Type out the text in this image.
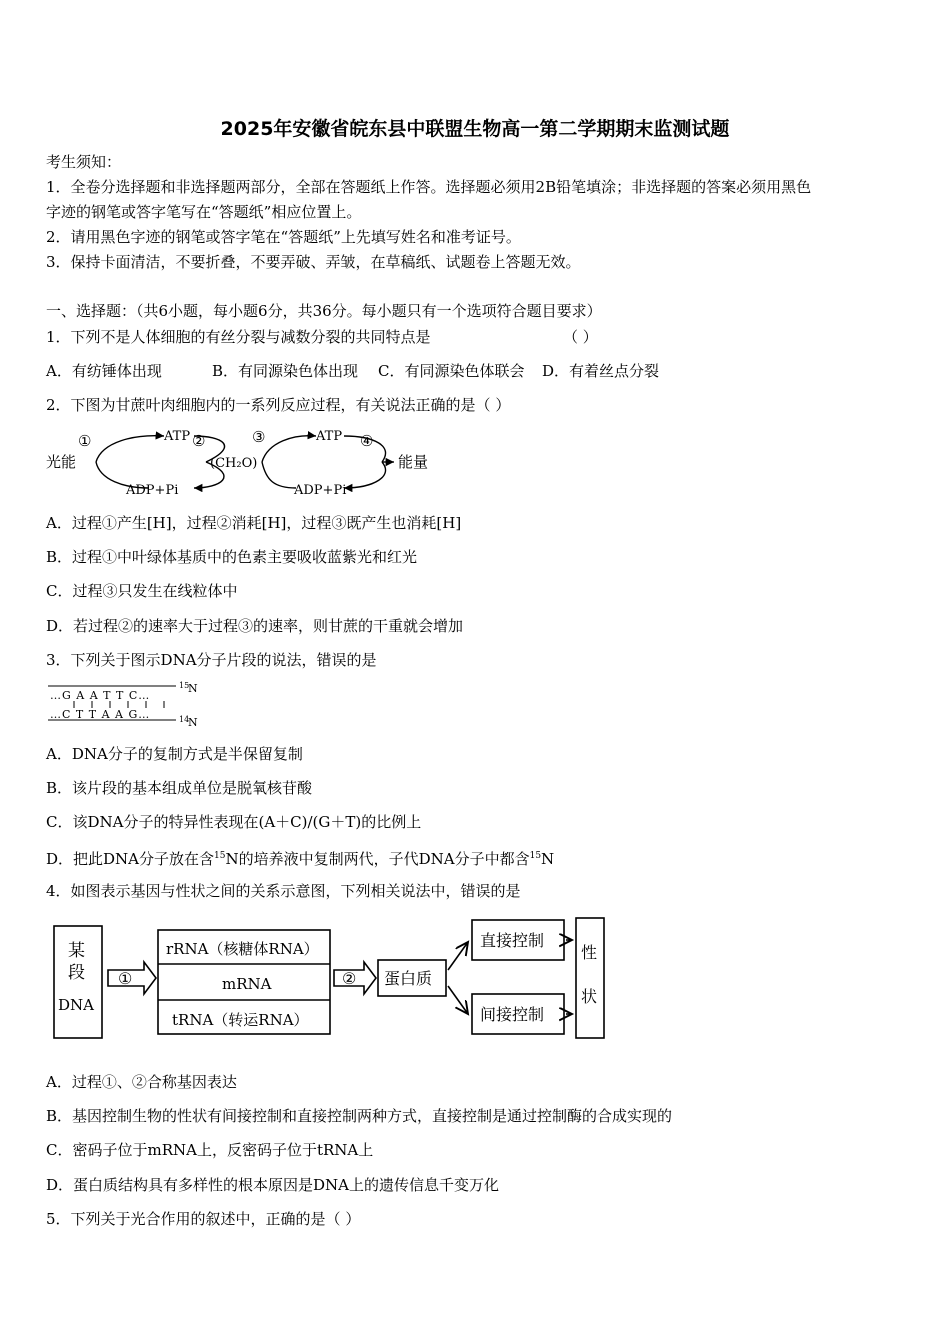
2025年安徽省皖东县中联盟生物高一第二学期期末监测试题
考生须知：
1．全卷分选择题和非选择题两部分，全部在答题纸上作答。选择题必须用2B铅笔填涂；非选择题的答案必须用黑色
字迹的钢笔或答字笔写在“答题纸”相应位置上。
2．请用黑色字迹的钢笔或答字笔在“答题纸”上先填写姓名和准考证号。
3．保持卡面清洁，不要折叠，不要弄破、弄皱，在草稿纸、试题卷上答题无效。
一、选择题：（共6小题，每小题6分，共36分。每小题只有一个选项符合题目要求）
1．下列不是人体细胞的有丝分裂与减数分裂的共同特点是	（ ）
A．有纺锤体出现	B．有同源染色体出现 C．有同源染色体联会 D．有着丝点分裂
2．下图为甘蔗叶肉细胞内的一系列反应过程，有关说法正确的是（ ）
光能
ATP	ATP
ADP+Pi	ADP+Pi
(CH₂O)	能量
①	②	③	④
A．过程①产生[H]，过程②消耗[H]，过程③既产生也消耗[H]
B．过程①中叶绿体基质中的色素主要吸收蓝紫光和红光
C．过程③只发生在线粒体中
D．若过程②的速率大于过程③的速率，则甘蔗的干重就会增加
3．下列关于图示DNA分子片段的说法，错误的是
…G A A T T C…
…C T T A A G…
15
N
14
N
A．DNA分子的复制方式是半保留复制
B．该片段的基本组成单位是脱氧核苷酸
C．该DNA分子的特异性表现在(A＋C)/(G＋T)的比例上
D．把此DNA分子放在含$^{15}$N的培养液中复制两代，子代DNA分子中都含$^{15}$N
4．如图表示基因与性状之间的关系示意图，下列相关说法中，错误的是
某
段
DNA
①
rRNA（核糖体RNA）
mRNA
tRNA（转运RNA）
② 蛋白质
直接控制
间接控制
性
状
A．过程①、②合称基因表达
B．基因控制生物的性状有间接控制和直接控制两种方式，直接控制是通过控制酶的合成实现的
C．密码子位于mRNA上，反密码子位于tRNA上
D．蛋白质结构具有多样性的根本原因是DNA上的遗传信息千变万化
5．下列关于光合作用的叙述中，正确的是（ ）
